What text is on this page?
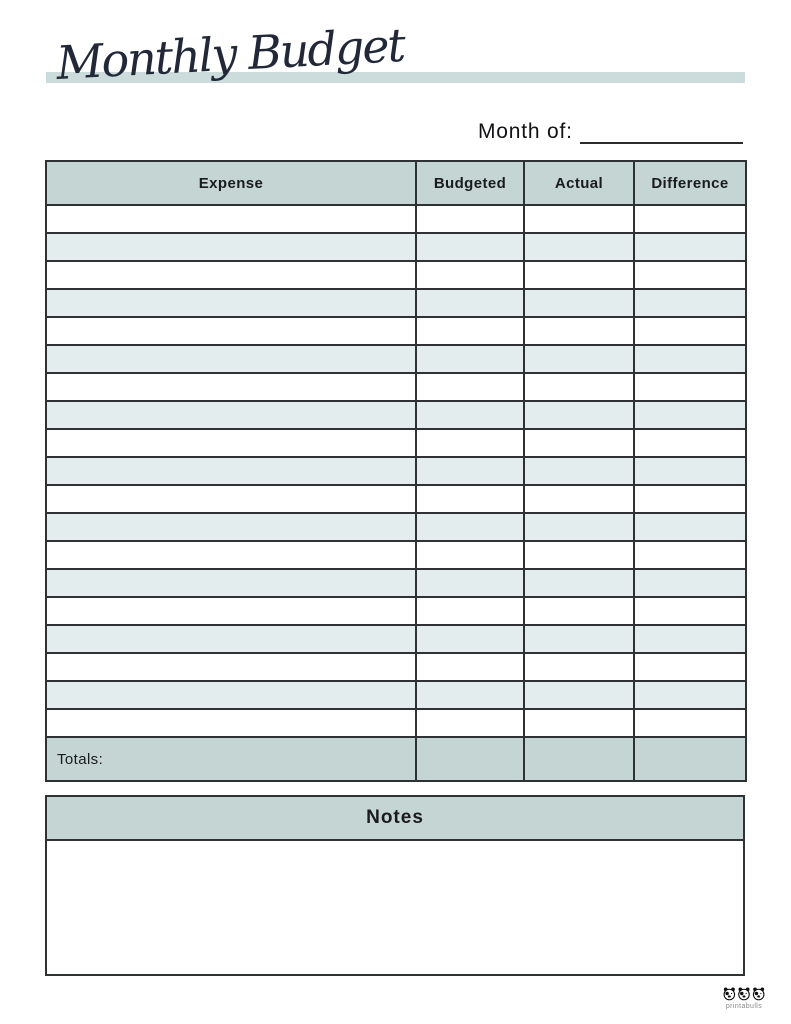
Monthly Budget
Month of:
Expense	Budgeted	Actual	Difference

Totals:			
Notes
printabulls
